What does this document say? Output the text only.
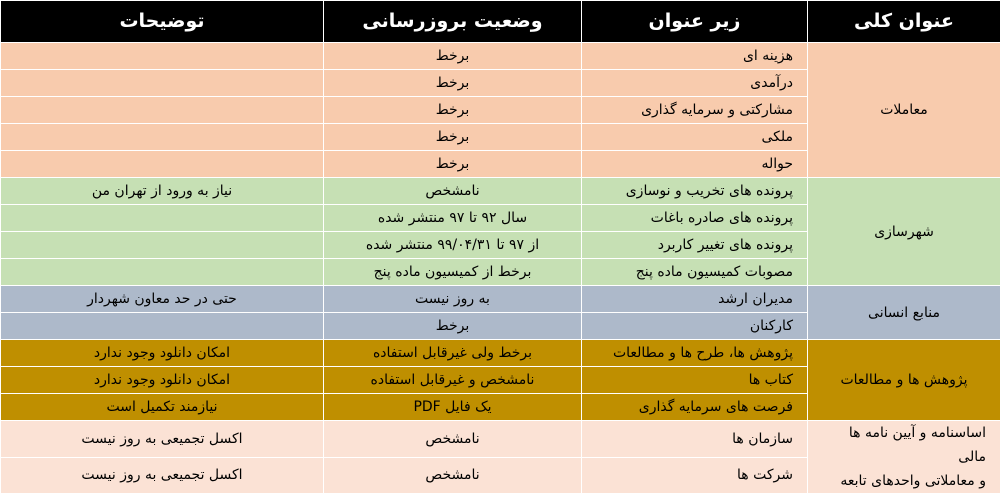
عنوان کلی	زیر عنوان	وضعیت بروزرسانی	توضیحات
معاملات	هزینه ای	برخط	
	درآمدی	برخط	
	مشارکتی و سرمایه گذاری	برخط	
	ملکی	برخط	
	حواله	برخط	
شهرسازی	پرونده های تخریب و نوسازی	نامشخص	نیاز به ورود از تهران من
	پرونده های صادره باغات	سال ۹۲ تا ۹۷ منتشر شده	
	پرونده های تغییر کاربرد	از ۹۷ تا ۹۹/۰۴/۳۱ منتشر شده	
	مصوبات کمیسیون ماده پنج	برخط از کمیسیون ماده پنج	
منابع انسانی	مدیران ارشد	به روز نیست	حتی در حد معاون شهردار
	کارکنان	برخط	
پژوهش ها و مطالعات	پژوهش ها، طرح ها و مطالعات	برخط ولی غیرقابل استفاده	امکان دانلود وجود ندارد
	کتاب ها	نامشخص و غیرقابل استفاده	امکان دانلود وجود ندارد
	فرصت های سرمایه گذاری	یک فایل PDF	نیازمند تکمیل است

اساسنامه و آیین نامه ها مالی
و معاملاتی واحدهای تابعه	سازمان ها	نامشخص	اکسل تجمیعی به روز نیست
	شرکت ها	نامشخص	اکسل تجمیعی به روز نیست
